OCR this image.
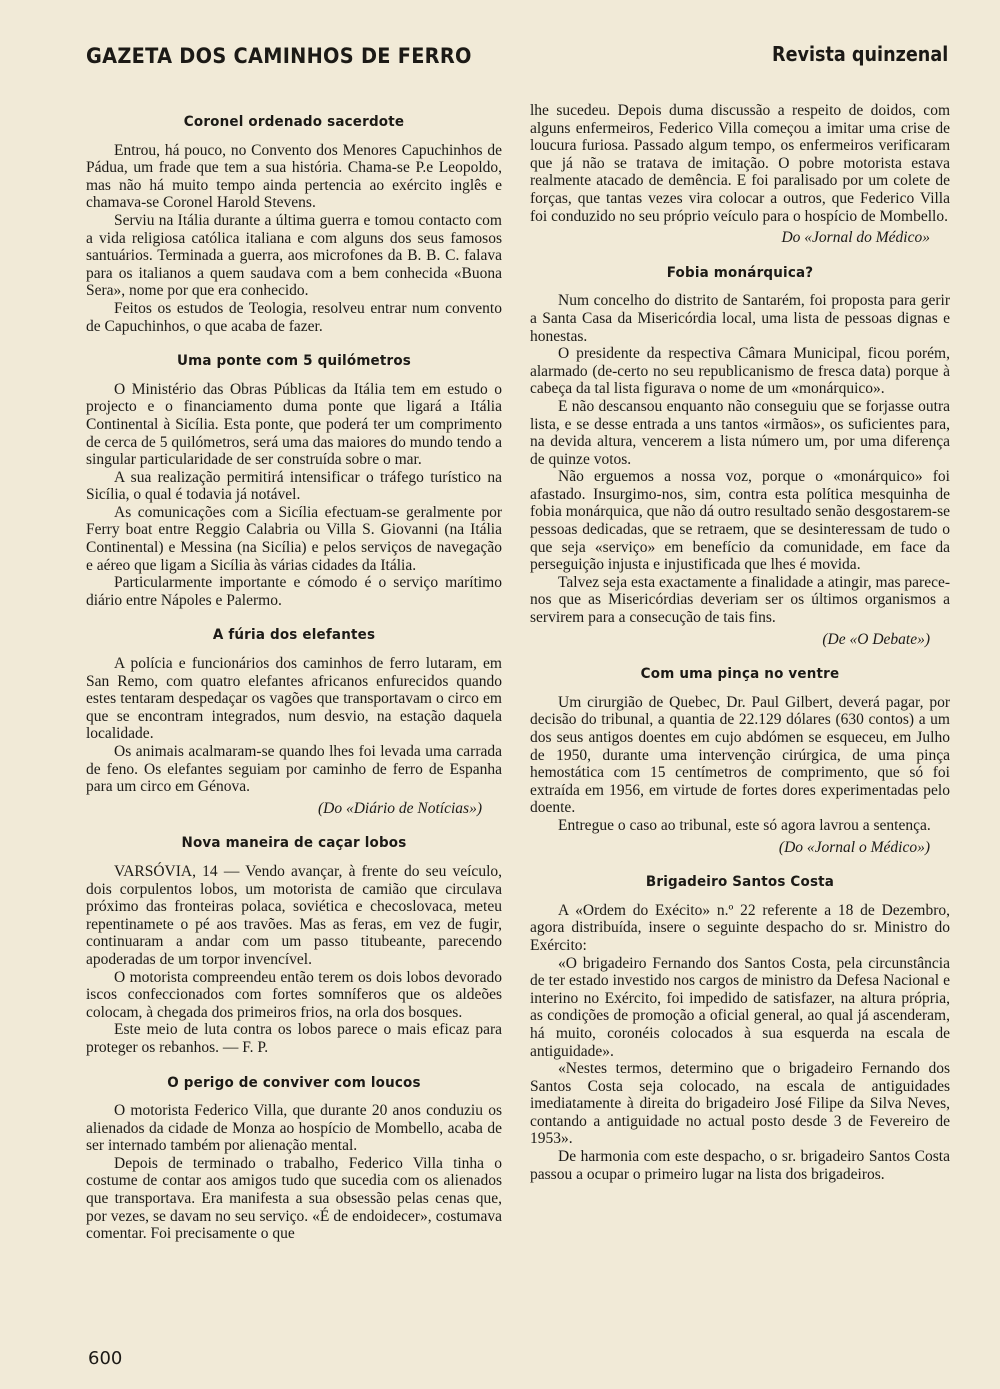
GAZETA DOS CAMINHOS DE FERRO	Revista quinzenal
Coronel ordenado sacerdote

Entrou, há pouco, no Convento dos Menores Capuchinhos de Pádua, um frade que tem a sua história. Chama-se P.e Leopoldo, mas não há muito tempo ainda pertencia ao exército inglês e chamava-se Coronel Harold Stevens.

Serviu na Itália durante a última guerra e tomou contacto com a vida religiosa católica italiana e com alguns dos seus famosos santuários. Terminada a guerra, aos microfones da B. B. C. falava para os italianos a quem saudava com a bem conhecida «Buona Sera», nome por que era conhecido.

Feitos os estudos de Teologia, resolveu entrar num convento de Capuchinhos, o que acaba de fazer.

Uma ponte com 5 quilómetros

O Ministério das Obras Públicas da Itália tem em estudo o projecto e o financiamento duma ponte que ligará a Itália Continental à Sicília. Esta ponte, que poderá ter um comprimento de cerca de 5 quilómetros, será uma das maiores do mundo tendo a singular particularidade de ser construída sobre o mar.

A sua realização permitirá intensificar o tráfego turístico na Sicília, o qual é todavia já notável.

As comunicações com a Sicília efectuam-se geralmente por Ferry boat entre Reggio Calabria ou Villa S. Giovanni (na Itália Continental) e Messina (na Sicília) e pelos serviços de navegação e aéreo que ligam a Sicília às várias cidades da Itália.

Particularmente importante e cómodo é o serviço marítimo diário entre Nápoles e Palermo.

A fúria dos elefantes

A polícia e funcionários dos caminhos de ferro lutaram, em San Remo, com quatro elefantes africanos enfurecidos quando estes tentaram despedaçar os vagões que transportavam o circo em que se encontram integrados, num desvio, na estação daquela localidade.

Os animais acalmaram-se quando lhes foi levada uma carrada de feno. Os elefantes seguiam por caminho de ferro de Espanha para um circo em Génova.

(Do «Diário de Notícias»)

Nova maneira de caçar lobos

VARSÓVIA, 14 — Vendo avançar, à frente do seu veículo, dois corpulentos lobos, um motorista de camião que circulava próximo das fronteiras polaca, soviética e checoslovaca, meteu repentinamete o pé aos travões. Mas as feras, em vez de fugir, continuaram a andar com um passo titubeante, parecendo apoderadas de um torpor invencível.

O motorista compreendeu então terem os dois lobos devorado iscos confeccionados com fortes somníferos que os aldeões colocam, à chegada dos primeiros frios, na orla dos bosques.

Este meio de luta contra os lobos parece o mais eficaz para proteger os rebanhos. — F. P.

O perigo de conviver com loucos

O motorista Federico Villa, que durante 20 anos conduziu os alienados da cidade de Monza ao hospício de Mombello, acaba de ser internado também por alienação mental.

Depois de terminado o trabalho, Federico Villa tinha o costume de contar aos amigos tudo que sucedia com os alienados que transportava. Era manifesta a sua obsessão pelas cenas que, por vezes, se davam no seu serviço. «É de endoidecer», costumava comentar. Foi precisamente o que

lhe sucedeu. Depois duma discussão a respeito de doidos, com alguns enfermeiros, Federico Villa começou a imitar uma crise de loucura furiosa. Passado algum tempo, os enfermeiros verificaram que já não se tratava de imitação. O pobre motorista estava realmente atacado de demência. E foi paralisado por um colete de forças, que tantas vezes vira colocar a outros, que Federico Villa foi conduzido no seu próprio veículo para o hospício de Mombello.

Do «Jornal do Médico»

Fobia monárquica?

Num concelho do distrito de Santarém, foi proposta para gerir a Santa Casa da Misericórdia local, uma lista de pessoas dignas e honestas.

O presidente da respectiva Câmara Municipal, ficou porém, alarmado (de-certo no seu republicanismo de fresca data) porque à cabeça da tal lista figurava o nome de um «monárquico».

E não descansou enquanto não conseguiu que se forjasse outra lista, e se desse entrada a uns tantos «irmãos», os suficientes para, na devida altura, vencerem a lista número um, por uma diferença de quinze votos.

Não erguemos a nossa voz, porque o «monárquico» foi afastado. Insurgimo-nos, sim, contra esta política mesquinha de fobia monárquica, que não dá outro resultado senão desgostarem-se pessoas dedicadas, que se retraem, que se desinteressam de tudo o que seja «serviço» em benefício da comunidade, em face da perseguição injusta e injustificada que lhes é movida.

Talvez seja esta exactamente a finalidade a atingir, mas parece-nos que as Misericórdias deveriam ser os últimos organismos a servirem para a consecução de tais fins.

(De «O Debate»)

Com uma pinça no ventre

Um cirurgião de Quebec, Dr. Paul Gilbert, deverá pagar, por decisão do tribunal, a quantia de 22.129 dólares (630 contos) a um dos seus antigos doentes em cujo abdómen se esqueceu, em Julho de 1950, durante uma intervenção cirúrgica, de uma pinça hemostática com 15 centímetros de comprimento, que só foi extraída em 1956, em virtude de fortes dores experimentadas pelo doente.

Entregue o caso ao tribunal, este só agora lavrou a sentença.

(Do «Jornal o Médico»)

Brigadeiro Santos Costa

A «Ordem do Exécito» n.º 22 referente a 18 de Dezembro, agora distribuída, insere o seguinte despacho do sr. Ministro do Exército:

«O brigadeiro Fernando dos Santos Costa, pela circunstância de ter estado investido nos cargos de ministro da Defesa Nacional e interino no Exército, foi impedido de satisfazer, na altura própria, as condições de promoção a oficial general, ao qual já ascenderam, há muito, coronéis colocados à sua esquerda na escala de antiguidade».

«Nestes termos, determino que o brigadeiro Fernando dos Santos Costa seja colocado, na escala de antiguidades imediatamente à direita do brigadeiro José Filipe da Silva Neves, contando a antiguidade no actual posto desde 3 de Fevereiro de 1953».

De harmonia com este despacho, o sr. brigadeiro Santos Costa passou a ocupar o primeiro lugar na lista dos brigadeiros.

600
